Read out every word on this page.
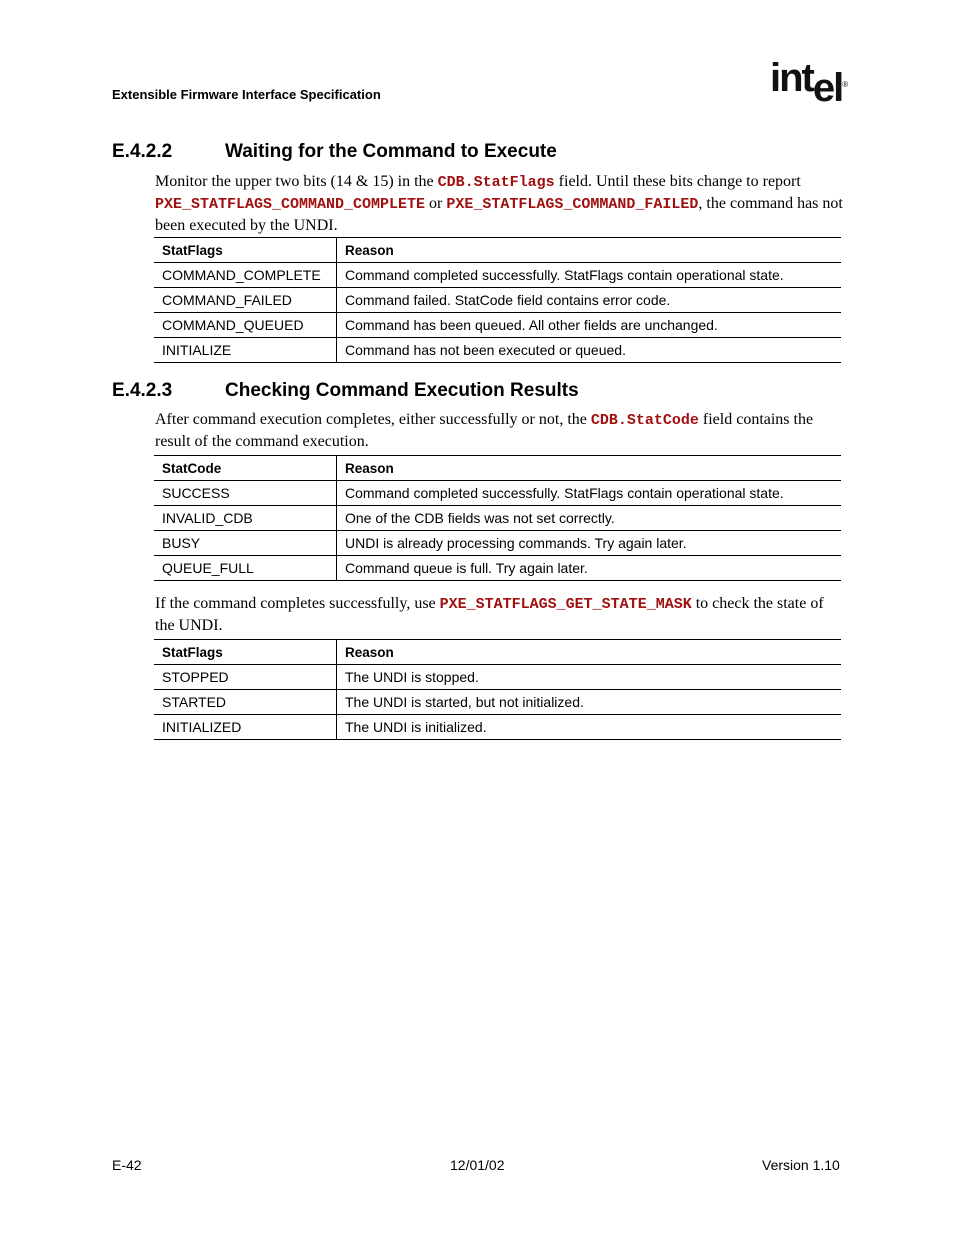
Extensible Firmware Interface Specification	intel®
E.4.2.2	Waiting for the Command to Execute
Monitor the upper two bits (14 & 15) in the CDB.StatFlags field. Until these bits change to report PXE_STATFLAGS_COMMAND_COMPLETE or PXE_STATFLAGS_COMMAND_FAILED, the command has not been executed by the UNDI.
StatFlags	Reason
COMMAND_COMPLETE	Command completed successfully. StatFlags contain operational state.
COMMAND_FAILED	Command failed. StatCode field contains error code.
COMMAND_QUEUED	Command has been queued. All other fields are unchanged.
INITIALIZE	Command has not been executed or queued.
E.4.2.3	Checking Command Execution Results
After command execution completes, either successfully or not, the CDB.StatCode field contains the result of the command execution.
StatCode	Reason
SUCCESS	Command completed successfully. StatFlags contain operational state.
INVALID_CDB	One of the CDB fields was not set correctly.
BUSY	UNDI is already processing commands. Try again later.
QUEUE_FULL	Command queue is full. Try again later.
If the command completes successfully, use PXE_STATFLAGS_GET_STATE_MASK to check the state of the UNDI.
StatFlags	Reason
STOPPED	The UNDI is stopped.
STARTED	The UNDI is started, but not initialized.
INITIALIZED	The UNDI is initialized.
E-42	12/01/02	Version 1.10
